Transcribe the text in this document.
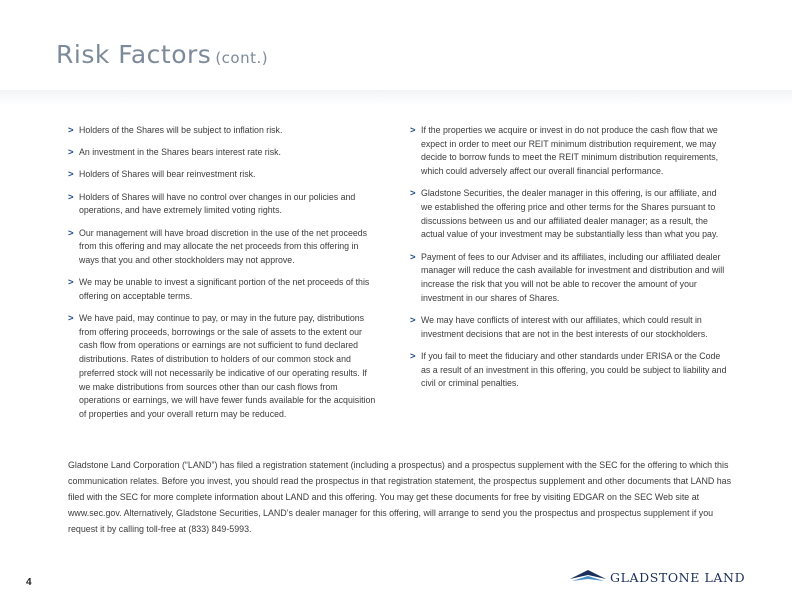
Risk Factors (cont.)
> Holders of the Shares will be subject to inflation risk.
> An investment in the Shares bears interest rate risk.
> Holders of Shares will bear reinvestment risk.
> Holders of Shares will have no control over changes in our policies and operations, and have extremely limited voting rights.
> Our management will have broad discretion in the use of the net proceeds from this offering and may allocate the net proceeds from this offering in ways that you and other stockholders may not approve.
> We may be unable to invest a significant portion of the net proceeds of this offering on acceptable terms.
> We have paid, may continue to pay, or may in the future pay, distributions from offering proceeds, borrowings or the sale of assets to the extent our cash flow from operations or earnings are not sufficient to fund declared distributions. Rates of distribution to holders of our common stock and preferred stock will not necessarily be indicative of our operating results. If we make distributions from sources other than our cash flows from operations or earnings, we will have fewer funds available for the acquisition of properties and your overall return may be reduced.
> If the properties we acquire or invest in do not produce the cash flow that we expect in order to meet our REIT minimum distribution requirement, we may decide to borrow funds to meet the REIT minimum distribution requirements, which could adversely affect our overall financial performance.
> Gladstone Securities, the dealer manager in this offering, is our affiliate, and we established the offering price and other terms for the Shares pursuant to discussions between us and our affiliated dealer manager; as a result, the actual value of your investment may be substantially less than what you pay.
> Payment of fees to our Adviser and its affiliates, including our affiliated dealer manager will reduce the cash available for investment and distribution and will increase the risk that you will not be able to recover the amount of your investment in our shares of Shares.
> We may have conflicts of interest with our affiliates, which could result in investment decisions that are not in the best interests of our stockholders.
> If you fail to meet the fiduciary and other standards under ERISA or the Code as a result of an investment in this offering, you could be subject to liability and civil or criminal penalties.

Gladstone Land Corporation (“LAND”) has filed a registration statement (including a prospectus) and a prospectus supplement with the SEC for the offering to which this communication relates. Before you invest, you should read the prospectus in that registration statement, the prospectus supplement and other documents that LAND has filed with the SEC for more complete information about LAND and this offering. You may get these documents for free by visiting EDGAR on the SEC Web site at www.sec.gov. Alternatively, Gladstone Securities, LAND’s dealer manager for this offering, will arrange to send you the prospectus and prospectus supplement if you request it by calling toll-free at (833) 849-5993.

4	GLADSTONE LAND
